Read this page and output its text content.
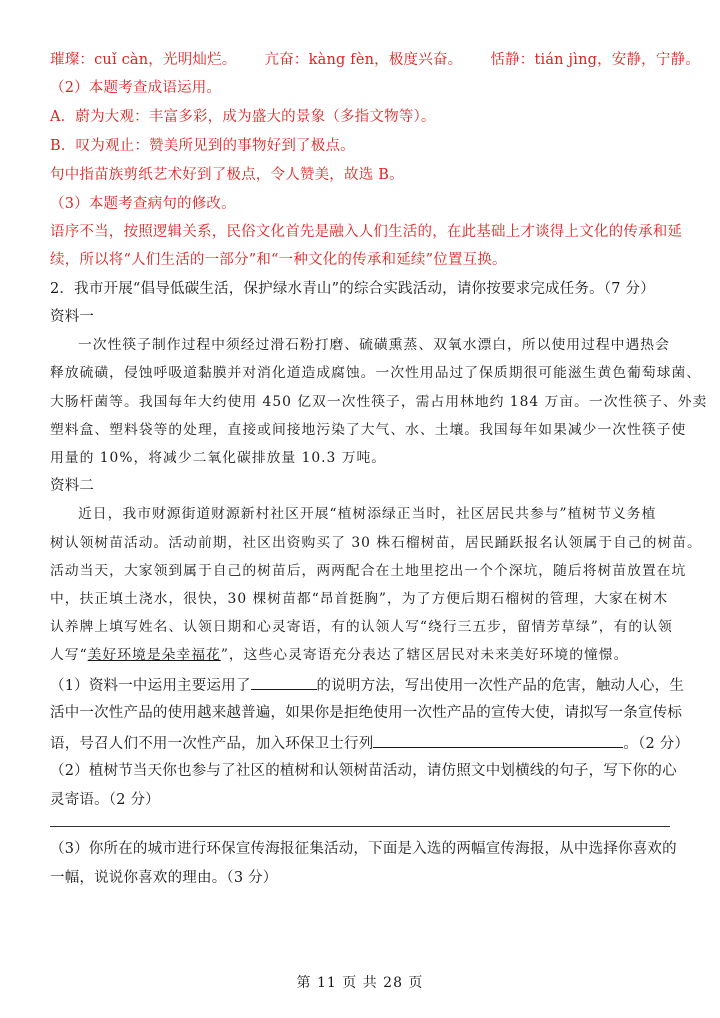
璀璨：cuǐ càn，光明灿烂。 亢奋：kàng fèn，极度兴奋。 恬静：tián jìng，安静，宁静。
（2）本题考查成语运用。
A．蔚为大观：丰富多彩，成为盛大的景象（多指文物等）。
B．叹为观止：赞美所见到的事物好到了极点。
句中指苗族剪纸艺术好到了极点，令人赞美，故选 B。
（3）本题考查病句的修改。
语序不当，按照逻辑关系，民俗文化首先是融入人们生活的，在此基础上才谈得上文化的传承和延
续，所以将“人们生活的一部分”和“一种文化的传承和延续”位置互换。
2．我市开展“倡导低碳生活，保护绿水青山”的综合实践活动，请你按要求完成任务。（7 分）
资料一
一次性筷子制作过程中须经过滑石粉打磨、硫磺熏蒸、双氧水漂白，所以使用过程中遇热会
释放硫磺，侵蚀呼吸道黏膜并对消化道造成腐蚀。一次性用品过了保质期很可能滋生黄色葡萄球菌、
大肠杆菌等。我国每年大约使用 450 亿双一次性筷子，需占用林地约 184 万亩。一次性筷子、外卖
塑料盒、塑料袋等的处理，直接或间接地污染了大气、水、土壤。我国每年如果减少一次性筷子使
用量的 10%，将减少二氧化碳排放量 10.3 万吨。
资料二
近日，我市财源街道财源新村社区开展“植树添绿正当时，社区居民共参与”植树节义务植
树认领树苗活动。活动前期，社区出资购买了 30 株石榴树苗，居民踊跃报名认领属于自己的树苗。
活动当天，大家领到属于自己的树苗后，两两配合在土地里挖出一个个深坑，随后将树苗放置在坑
中，扶正填土浇水，很快，30 棵树苗都“昂首挺胸”，为了方便后期石榴树的管理，大家在树木
认养牌上填写姓名、认领日期和心灵寄语，有的认领人写“绕行三五步，留情芳草绿”，有的认领
人写“美好环境是朵幸福花”，这些心灵寄语充分表达了辖区居民对未来美好环境的憧憬。
（1）资料一中运用主要运用了	的说明方法，写出使用一次性产品的危害，触动人心，生
活中一次性产品的使用越来越普遍，如果你是拒绝使用一次性产品的宣传大使，请拟写一条宣传标
语，号召人们不用一次性产品，加入环保卫士行列	。（2 分）
（2）植树节当天你也参与了社区的植树和认领树苗活动，请仿照文中划横线的句子，写下你的心
灵寄语。（2 分）
（3）你所在的城市进行环保宣传海报征集活动，下面是入选的两幅宣传海报，从中选择你喜欢的
一幅，说说你喜欢的理由。（3 分）
第 11 页 共 28 页
